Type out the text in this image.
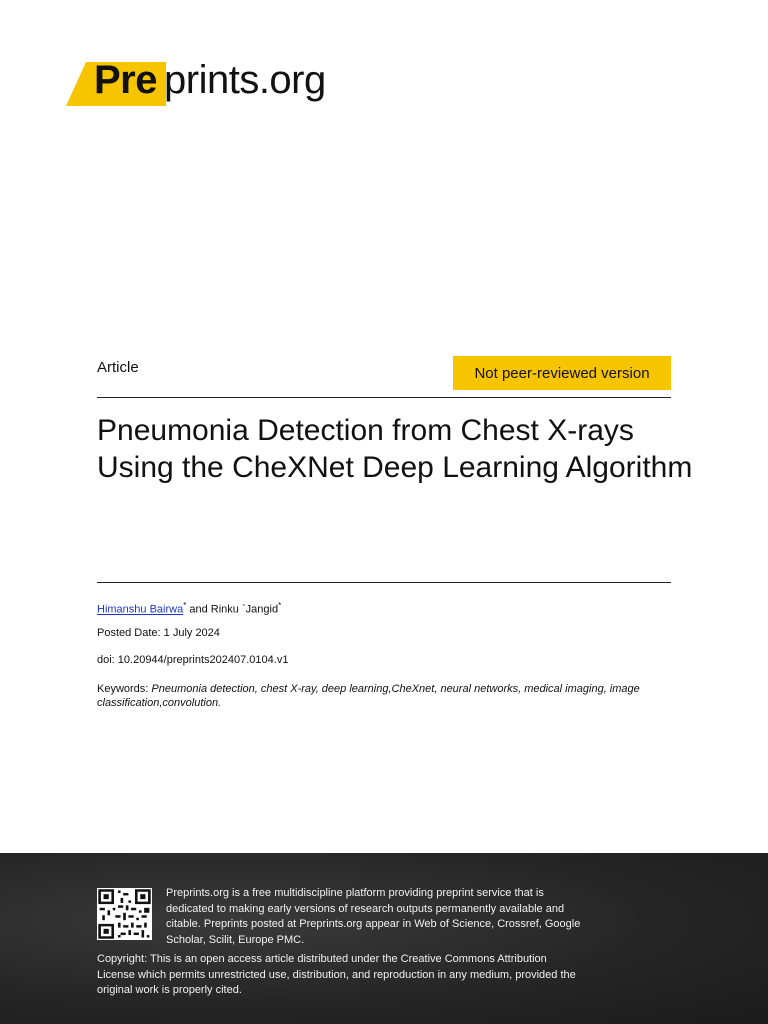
Pre prints.org
Article	Not peer-reviewed version
Pneumonia Detection from Chest X-rays Using the CheXNet Deep Learning Algorithm
Himanshu Bairwa* and Rinku `Jangid*
Posted Date: 1 July 2024
doi: 10.20944/preprints202407.0104.v1
Keywords: Pneumonia detection, chest X-ray, deep learning,CheXnet, neural networks, medical imaging, image
classification,convolution.
Preprints.org is a free multidiscipline platform providing preprint service that is dedicated to making early versions of research outputs permanently available and citable. Preprints posted at Preprints.org appear in Web of Science, Crossref, Google Scholar, Scilit, Europe PMC.
Copyright: This is an open access article distributed under the Creative Commons Attribution License which permits unrestricted use, distribution, and reproduction in any medium, provided the original work is properly cited.
